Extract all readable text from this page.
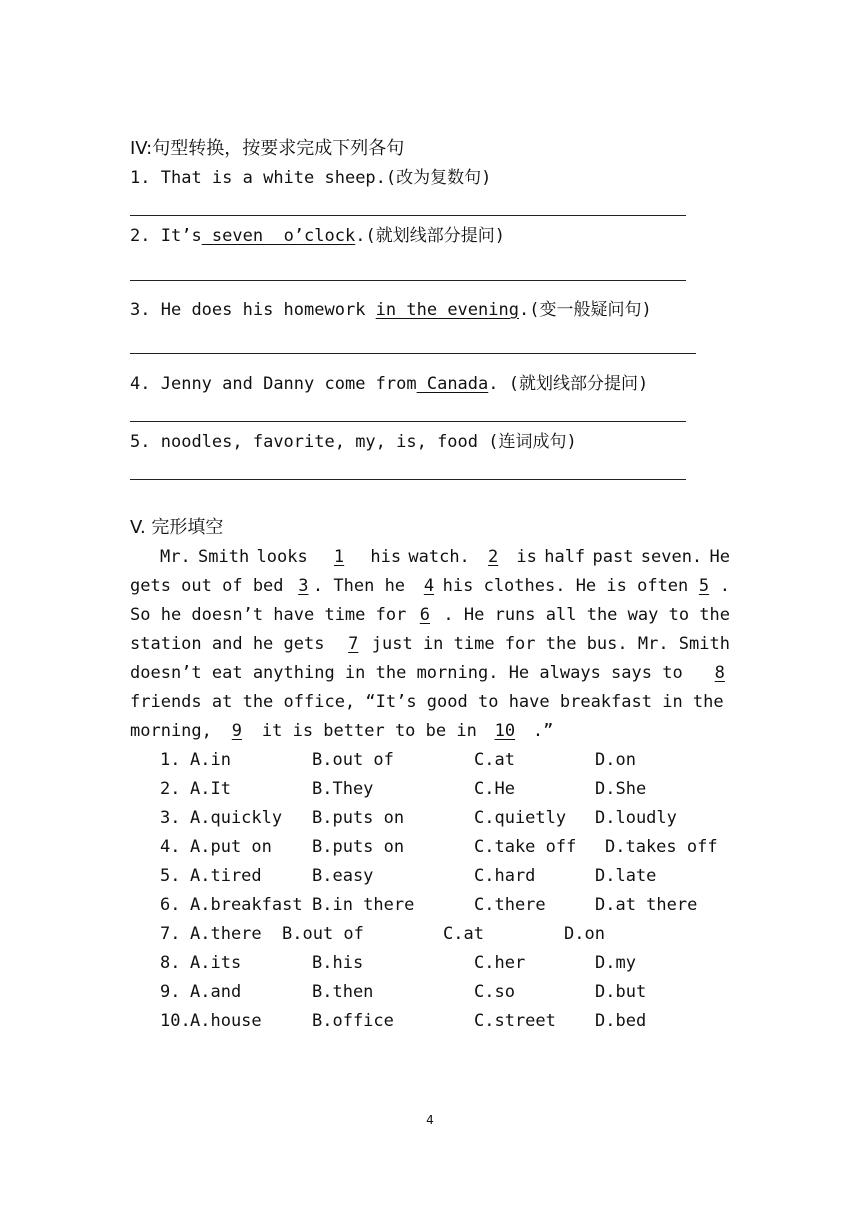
IV:句型转换，按要求完成下列各句
1. That is a white sheep.(改为复数句)
2. It’s seven  o’clock.(就划线部分提问)
3. He does his homework in the evening.(变一般疑问句)
4. Jenny and Danny come from Canada. (就划线部分提问)
5. noodles, favorite, my, is, food (连词成句)
V. 完形填空
Mr. Smith looks	1	his watch.	2	is half past seven. He
gets out of bed 3 . Then he 4 his clothes. He is often 5 .
So he doesn’t have time for 6 . He runs all the way to the
station and he gets 7 just in time for the bus. Mr. Smith
doesn’t eat anything in the morning. He always says to	8
friends at the office, “It’s good to have breakfast in the
morning,	9	it is better to be in	10	.”
1. A.in	B.out of	C.at	D.on
2. A.It	B.They	C.He	D.She
3. A.quickly B.puts on	C.quietly D.loudly
4. A.put on B.puts on	C.take off D.takes off
5. A.tired	B.easy	C.hard	D.late
6. A.breakfast B.in there	C.there	D.at there
7. A.there B.out of	C.at	D.on
8. A.its	B.his	C.her	D.my
9. A.and	B.then	C.so	D.but
10. A.house	B.office	C.street D.bed
4
